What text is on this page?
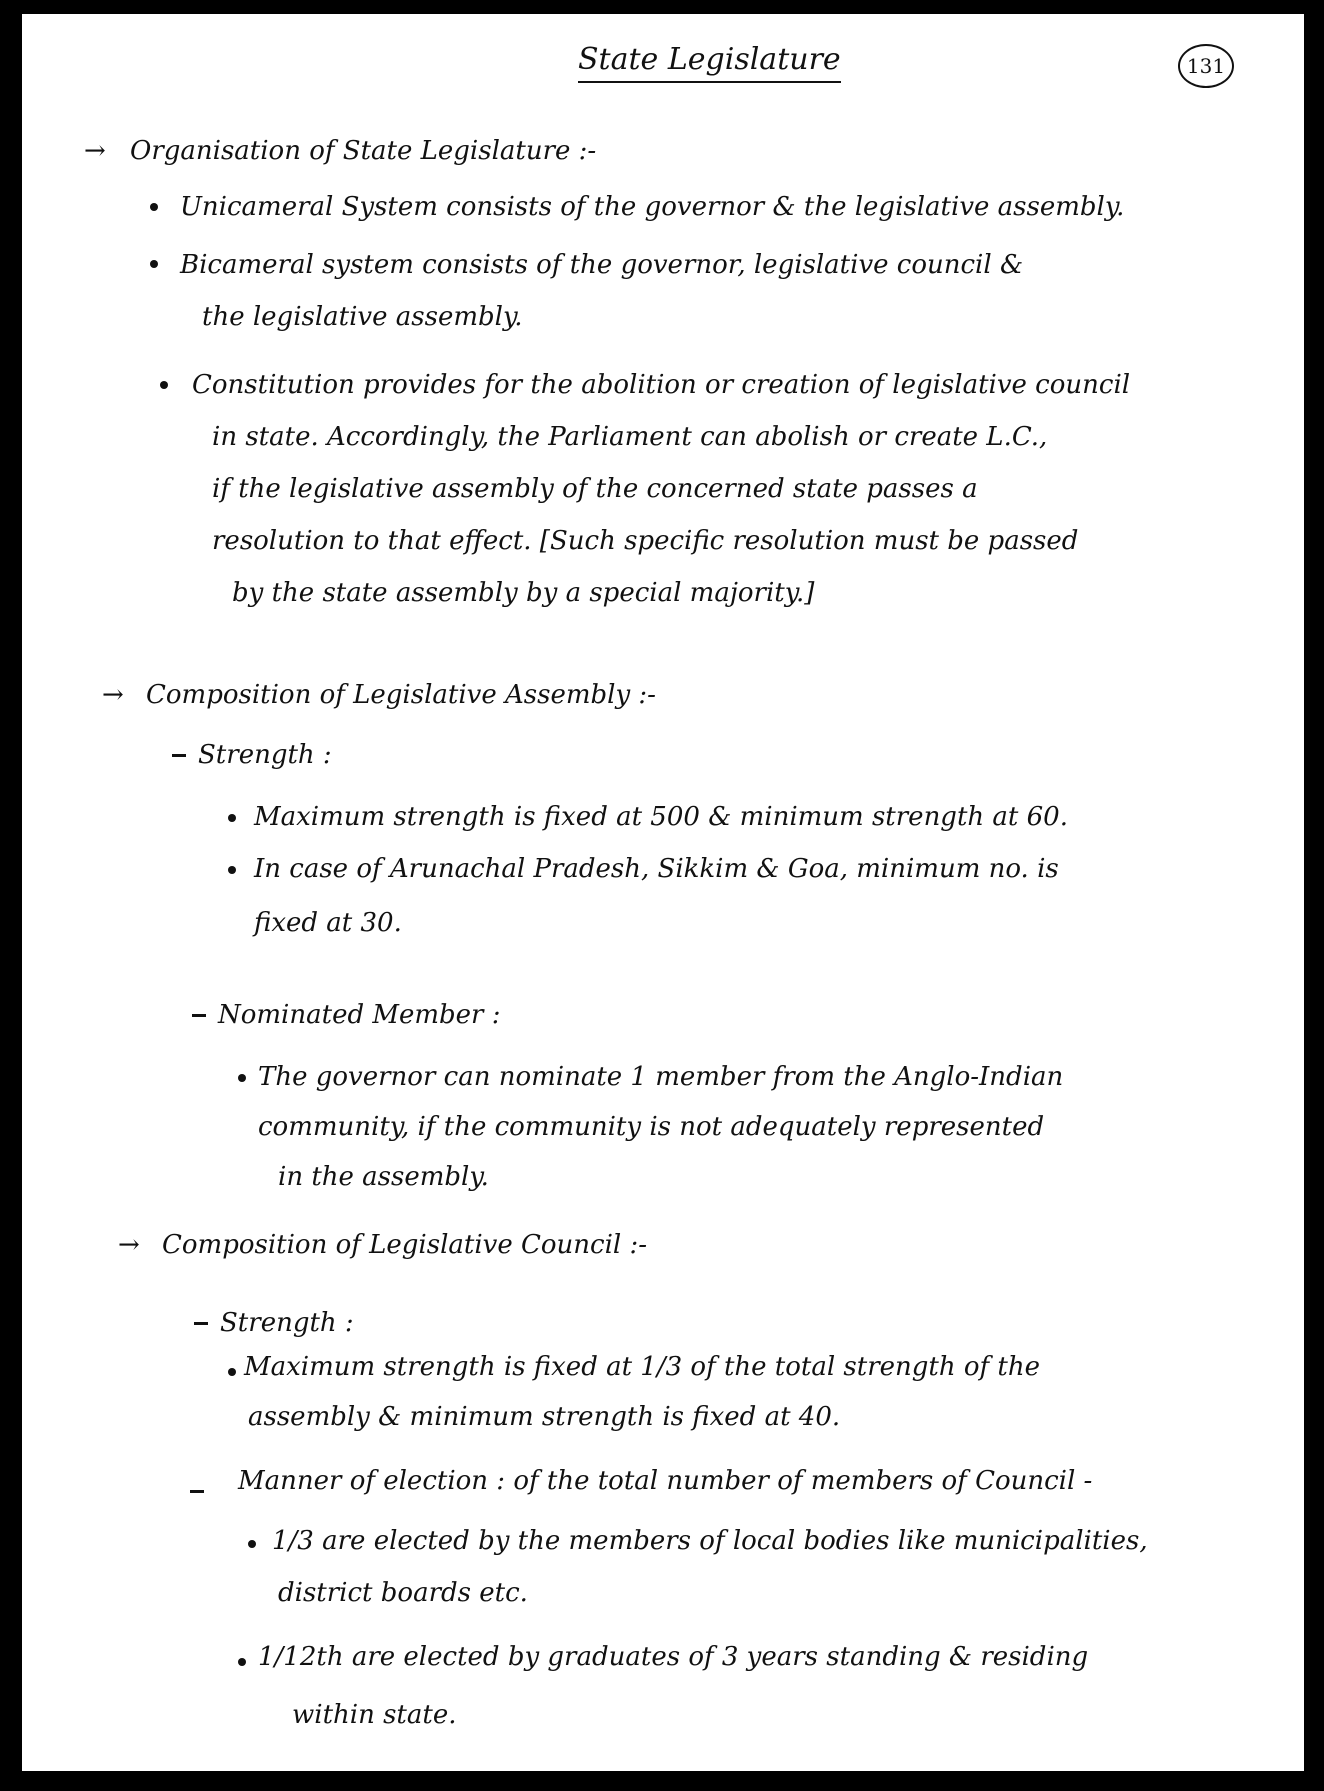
State Legislature	131
→ Organisation of State Legislature :-
Unicameral System consists of the governor & the legislative assembly.
Bicameral system consists of the governor, legislative council &
the legislative assembly.
Constitution provides for the abolition or creation of legislative council
in state. Accordingly, the Parliament can abolish or create L.C.,
if the legislative assembly of the concerned state passes a
resolution to that effect. [Such specific resolution must be passed
by the state assembly by a special majority.]
→ Composition of Legislative Assembly :-
Strength :
Maximum strength is fixed at 500 & minimum strength at 60.
In case of Arunachal Pradesh, Sikkim & Goa, minimum no. is
fixed at 30.
Nominated Member :
The governor can nominate 1 member from the Anglo-Indian
community, if the community is not adequately represented
in the assembly.
→ Composition of Legislative Council :-
Strength :
Maximum strength is fixed at 1/3 of the total strength of the
assembly & minimum strength is fixed at 40.
Manner of election : of the total number of members of Council -
1/3 are elected by the members of local bodies like municipalities,
district boards etc.
1/12th are elected by graduates of 3 years standing & residing
within state.
